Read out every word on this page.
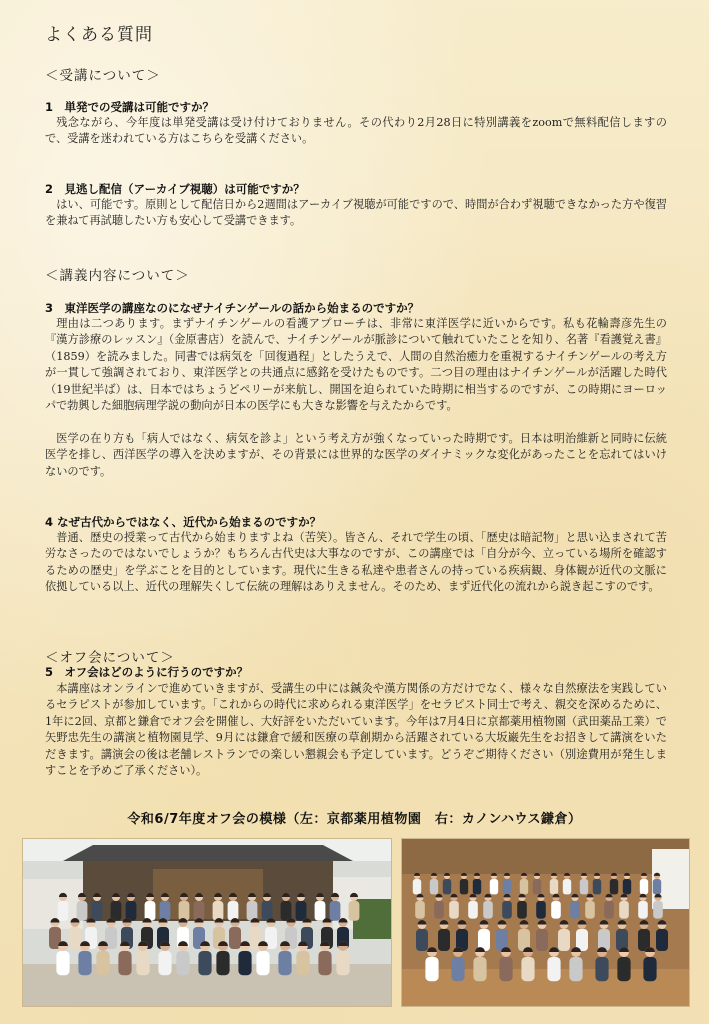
よくある質問
＜受講について＞
1　単発での受講は可能ですか？

残念ながら、今年度は単発受講は受け付けておりません。その代わり2月28日に特別講義をzoomで無料配信しますので、受講を迷われている方はこちらを受講ください。

2　見逃し配信（アーカイブ視聴）は可能ですか？

はい、可能です。原則として配信日から2週間はアーカイブ視聴が可能ですので、時間が合わず視聴できなかった方や復習を兼ねて再試聴したい方も安心して受講できます。

＜講義内容について＞
3　東洋医学の講座なのになぜナイチンゲールの話から始まるのですか？

理由は二つあります。まずナイチンゲールの看護アプローチは、非常に東洋医学に近いからです。私も花輪壽彦先生の『漢方診療のレッスン』（金原書店）を読んで、ナイチンゲールが脈診について触れていたことを知り、名著『看護覚え書』（1859）を読みました。同書では病気を「回復過程」としたうえで、人間の自然治癒力を重視するナイチンゲールの考え方が一貫して強調されており、東洋医学との共通点に感銘を受けたものです。二つ目の理由はナイチンゲールが活躍した時代（19世紀半ば）は、日本ではちょうどペリーが来航し、開国を迫られていた時期に相当するのですが、この時期にヨーロッパで勃興した細胞病理学説の動向が日本の医学にも大きな影響を与えたからです。

医学の在り方も「病人ではなく、病気を診よ」という考え方が強くなっていった時期です。日本は明治維新と同時に伝統医学を排し、西洋医学の導入を決めますが、その背景には世界的な医学のダイナミックな変化があったことを忘れてはいけないのです。

4 なぜ古代からではなく、近代から始まるのですか？

普通、歴史の授業って古代から始まりますよね（苦笑）。皆さん、それで学生の頃、「歴史は暗記物」と思い込まされて苦労なさったのではないでしょうか？もちろん古代史は大事なのですが、この講座では「自分が今、立っている場所を確認するための歴史」を学ぶことを目的としています。現代に生きる私達や患者さんの持っている疾病観、身体観が近代の文脈に依拠している以上、近代の理解失くして伝統の理解はありえません。そのため、まず近代化の流れから説き起こすのです。

＜オフ会について＞
5　オフ会はどのように行うのですか？

本講座はオンラインで進めていきますが、受講生の中には鍼灸や漢方関係の方だけでなく、様々な自然療法を実践しているセラピストが参加しています。「これからの時代に求められる東洋医学」をセラピスト同士で考え、親交を深めるために、1年に2回、京都と鎌倉でオフ会を開催し、大好評をいただいています。今年は7月4日に京都薬用植物園（武田薬品工業）で矢野忠先生の講演と植物園見学、9月には鎌倉で緩和医療の草創期から活躍されている大坂巌先生をお招きして講演をいただきます。講演会の後は老舗レストランでの楽しい懇親会も予定しています。どうぞご期待ください（別途費用が発生しますことを予めご了承ください）。

令和6/7年度オフ会の模様（左：京都薬用植物園　右：カノンハウス鎌倉）
